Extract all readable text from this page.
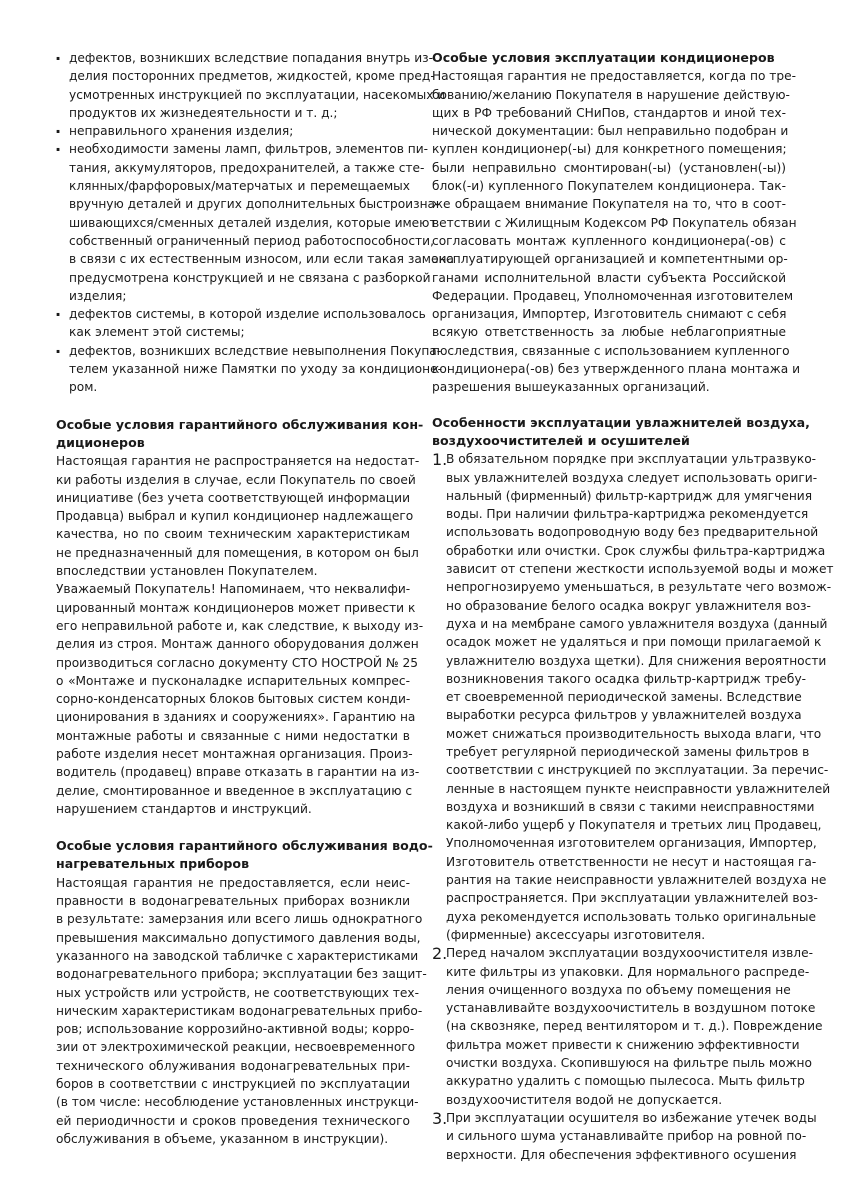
· дефектов, возникших вследствие попадания внутрь из-
делия посторонних предметов, жидкостей, кроме пред-
усмотренных инструкцией по эксплуатации, насекомых и
продуктов их жизнедеятельности и т. д.;
· неправильного хранения изделия;
· необходимости замены ламп, фильтров, элементов пи-
тания, аккумуляторов, предохранителей, а также сте-
клянных/фарфоровых/матерчатых и перемещаемых
вручную деталей и других дополнительных быстроизна-
шивающихся/сменных деталей изделия, которые имеют
собственный ограниченный период работоспособности,
в связи с их естественным износом, или если такая замена
предусмотрена конструкцией и не связана с разборкой
изделия;
· дефектов системы, в которой изделие использовалось
как элемент этой системы;
· дефектов, возникших вследствие невыполнения Покупа-
телем указанной ниже Памятки по уходу за кондиционе-
ром.
Особые условия гарантийного обслуживания кон-
диционеров
Настоящая гарантия не распространяется на недостат-
ки работы изделия в случае, если Покупатель по своей
инициативе (без учета соответствующей информации
Продавца) выбрал и купил кондиционер надлежащего
качества, но по своим техническим характеристикам
не предназначенный для помещения, в котором он был
впоследствии установлен Покупателем.
Уважаемый Покупатель! Напоминаем, что неквалифи-
цированный монтаж кондиционеров может привести к
его неправильной работе и, как следствие, к выходу из-
делия из строя. Монтаж данного оборудования должен
производиться согласно документу СТО НОСТРОЙ № 25
о «Монтаже и пусконаладке испарительных компрес-
сорно-конденсаторных блоков бытовых систем конди-
ционирования в зданиях и сооружениях». Гарантию на
монтажные работы и связанные с ними недостатки в
работе изделия несет монтажная организация. Произ-
водитель (продавец) вправе отказать в гарантии на из-
делие, смонтированное и введенное в эксплуатацию с
нарушением стандартов и инструкций.
Особые условия гарантийного обслуживания водо-
нагревательных приборов
Настоящая гарантия не предоставляется, если неис-
правности в водонагревательных приборах возникли
в результате: замерзания или всего лишь однократного
превышения максимально допустимого давления воды,
указанного на заводской табличке с характеристиками
водонагревательного прибора; эксплуатации без защит-
ных устройств или устройств, не соответствующих тех-
ническим характеристикам водонагревательных прибо-
ров; использование коррозийно-активной воды; корро-
зии от электрохимической реакции, несвоевременного
технического облуживания водонагревательных при-
боров в соответствии с инструкцией по эксплуатации
(в том числе: несоблюдение установленных инструкци-
ей периодичности и сроков проведения технического
обслуживания в объеме, указанном в инструкции).
Особые условия эксплуатации кондиционеров
Настоящая гарантия не предоставляется, когда по тре-
бованию/желанию Покупателя в нарушение действую-
щих в РФ требований СНиПов, стандартов и иной тех-
нической документации: был неправильно подобран и
куплен кондиционер(-ы) для конкретного помещения;
были неправильно смонтирован(-ы) (установлен(-ы))
блок(-и) купленного Покупателем кондиционера. Так-
же обращаем внимание Покупателя на то, что в соот-
ветствии с Жилищным Кодексом РФ Покупатель обязан
согласовать монтаж купленного кондиционера(-ов) с
эксплуатирующей организацией и компетентными ор-
ганами исполнительной власти субъекта Российской
Федерации. Продавец, Уполномоченная изготовителем
организация, Импортер, Изготовитель снимают с себя
всякую ответственность за любые неблагоприятные
последствия, связанные с использованием купленного
кондиционера(-ов) без утвержденного плана монтажа и
разрешения вышеуказанных организаций.
Особенности эксплуатации увлажнителей воздуха,
воздухоочистителей и осушителей
1.
В обязательном порядке при эксплуатации ультразвуко-
вых увлажнителей воздуха следует использовать ориги-
нальный (фирменный) фильтр-картридж для умягчения
воды. При наличии фильтра-картриджа рекомендуется
использовать водопроводную воду без предварительной
обработки или очистки. Срок службы фильтра-картриджа
зависит от степени жесткости используемой воды и может
непрогнозируемо уменьшаться, в результате чего возмож-
но образование белого осадка вокруг увлажнителя воз-
духа и на мембране самого увлажнителя воздуха (данный
осадок может не удаляться и при помощи прилагаемой к
увлажнителю воздуха щетки). Для снижения вероятности
возникновения такого осадка фильтр-картридж требу-
ет своевременной периодической замены. Вследствие
выработки ресурса фильтров у увлажнителей воздуха
может снижаться производительность выхода влаги, что
требует регулярной периодической замены фильтров в
соответствии с инструкцией по эксплуатации. За перечис-
ленные в настоящем пункте неисправности увлажнителей
воздуха и возникший в связи с такими неисправностями
какой-либо ущерб у Покупателя и третьих лиц Продавец,
Уполномоченная изготовителем организация, Импортер,
Изготовитель ответственности не несут и настоящая га-
рантия на такие неисправности увлажнителей воздуха не
распространяется. При эксплуатации увлажнителей воз-
духа рекомендуется использовать только оригинальные
(фирменные) аксессуары изготовителя.
2.
Перед началом эксплуатации воздухоочистителя извле-
ките фильтры из упаковки. Для нормального распреде-
ления очищенного воздуха по объему помещения не
устанавливайте воздухоочиститель в воздушном потоке
(на сквозняке, перед вентилятором и т. д.). Повреждение
фильтра может привести к снижению эффективности
очистки воздуха. Скопившуюся на фильтре пыль можно
аккуратно удалить с помощью пылесоса. Мыть фильтр
воздухоочистителя водой не допускается.
3.
При эксплуатации осушителя во избежание утечек воды
и сильного шума устанавливайте прибор на ровной по-
верхности. Для обеспечения эффективного осушения
